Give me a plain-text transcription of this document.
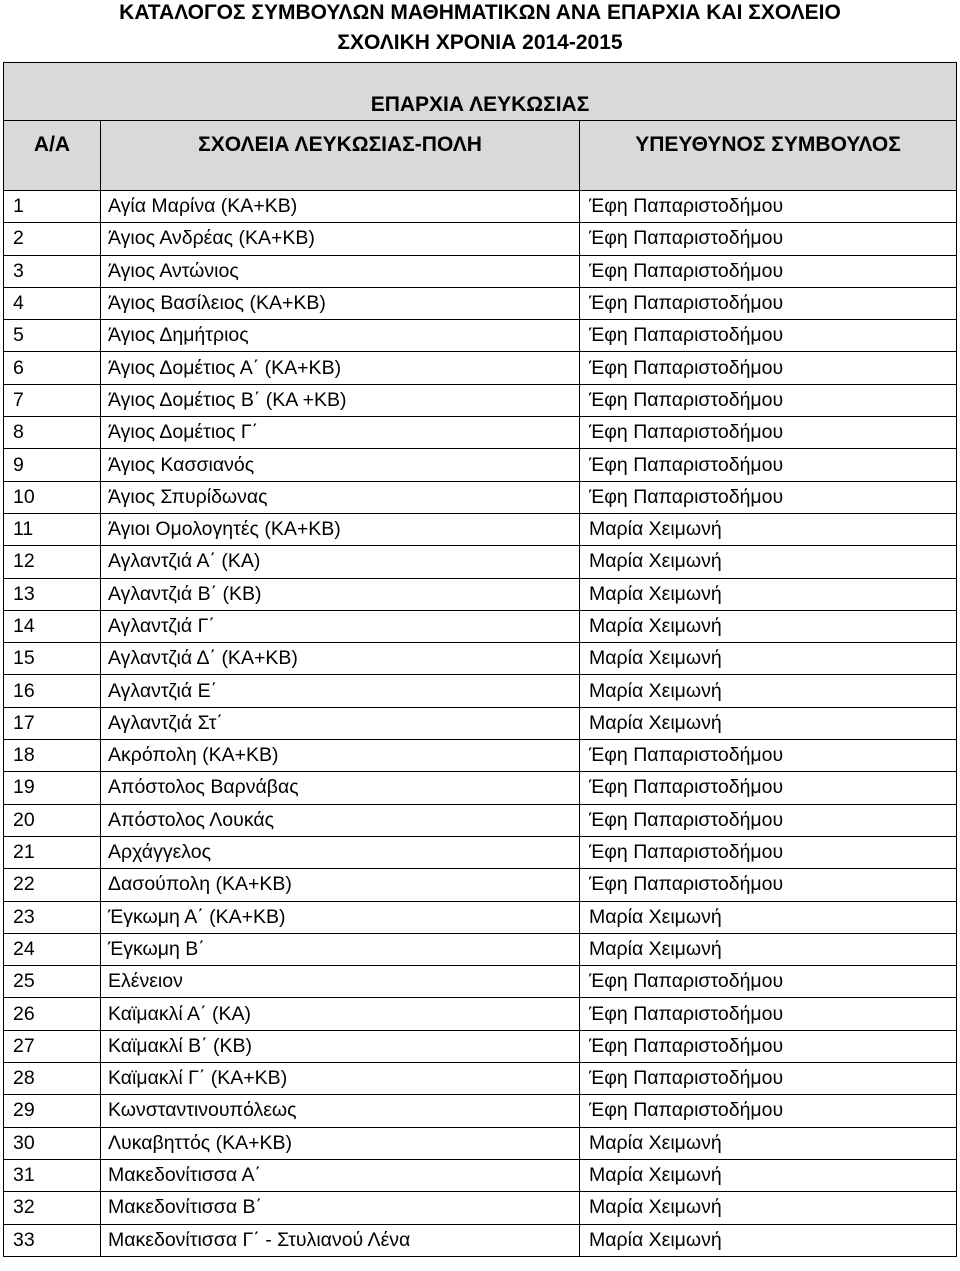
ΚΑΤΑΛΟΓΟΣ ΣΥΜΒΟΥΛΩΝ ΜΑΘΗΜΑΤΙΚΩΝ ΑΝΑ ΕΠΑΡΧΙΑ ΚΑΙ ΣΧΟΛΕΙΟ
ΣΧΟΛΙΚΗ ΧΡΟΝΙΑ 2014-2015
ΕΠΑΡΧΙΑ ΛΕΥΚΩΣΙΑΣ
Α/Α	ΣΧΟΛΕΙΑ ΛΕΥΚΩΣΙΑΣ-ΠΟΛΗ	ΥΠΕΥΘΥΝΟΣ ΣΥΜΒΟΥΛΟΣ
1	Αγία Μαρίνα (ΚΑ+ΚΒ)	Έφη Παπαριστοδήμου
2	Άγιος Ανδρέας (ΚΑ+ΚΒ)	Έφη Παπαριστοδήμου
3	Άγιος Αντώνιος	Έφη Παπαριστοδήμου
4	Άγιος Βασίλειος (ΚΑ+ΚΒ)	Έφη Παπαριστοδήμου
5	Άγιος Δημήτριος	Έφη Παπαριστοδήμου
6	Άγιος Δομέτιος Α΄ (ΚΑ+ΚΒ)	Έφη Παπαριστοδήμου
7	Άγιος Δομέτιος Β΄ (ΚΑ +ΚΒ)	Έφη Παπαριστοδήμου
8	Άγιος Δομέτιος Γ΄	Έφη Παπαριστοδήμου
9	Άγιος Κασσιανός	Έφη Παπαριστοδήμου
10	Άγιος Σπυρίδωνας	Έφη Παπαριστοδήμου
11	Άγιοι Ομολογητές (ΚΑ+ΚΒ)	Μαρία Χειμωνή
12	Αγλαντζιά Α΄ (ΚΑ)	Μαρία Χειμωνή
13	Αγλαντζιά Β΄ (ΚΒ)	Μαρία Χειμωνή
14	Αγλαντζιά Γ΄	Μαρία Χειμωνή
15	Αγλαντζιά Δ΄ (ΚΑ+ΚΒ)	Μαρία Χειμωνή
16	Αγλαντζιά Ε΄	Μαρία Χειμωνή
17	Αγλαντζιά Στ΄	Μαρία Χειμωνή
18	Ακρόπολη (ΚΑ+ΚΒ)	Έφη Παπαριστοδήμου
19	Απόστολος Βαρνάβας	Έφη Παπαριστοδήμου
20	Απόστολος Λουκάς	Έφη Παπαριστοδήμου
21	Αρχάγγελος	Έφη Παπαριστοδήμου
22	Δασούπολη (ΚΑ+ΚΒ)	Έφη Παπαριστοδήμου
23	Έγκωμη Α΄ (ΚΑ+ΚΒ)	Μαρία Χειμωνή
24	Έγκωμη Β΄	Μαρία Χειμωνή
25	Ελένειον	Έφη Παπαριστοδήμου
26	Καϊμακλί Α΄ (ΚΑ)	Έφη Παπαριστοδήμου
27	Καϊμακλί Β΄ (ΚΒ)	Έφη Παπαριστοδήμου
28	Καϊμακλί Γ΄ (ΚΑ+ΚΒ)	Έφη Παπαριστοδήμου
29	Κωνσταντινουπόλεως	Έφη Παπαριστοδήμου
30	Λυκαβηττός (ΚΑ+ΚΒ)	Μαρία Χειμωνή
31	Μακεδονίτισσα Α΄	Μαρία Χειμωνή
32	Μακεδονίτισσα Β΄	Μαρία Χειμωνή
33	Μακεδονίτισσα Γ΄ - Στυλιανού Λένα	Μαρία Χειμωνή
